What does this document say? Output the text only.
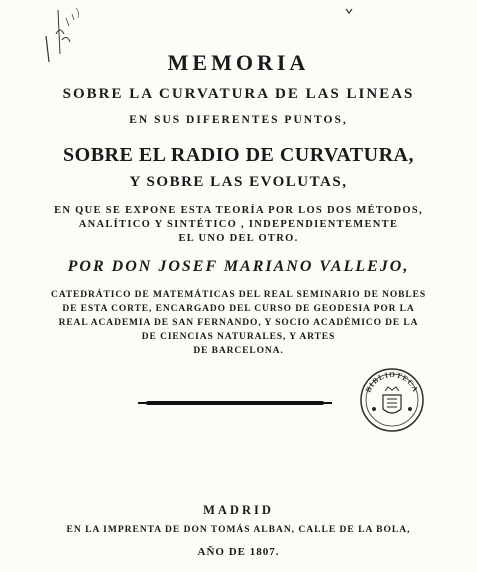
MEMORIA
SOBRE LA CURVATURA DE LAS LINEAS
EN SUS DIFERENTES PUNTOS,
SOBRE EL RADIO DE CURVATURA,
Y SOBRE LAS EVOLUTAS,
EN QUE SE EXPONE ESTA TEORÍA POR LOS DOS MÉTODOS,
ANALÍTICO Y SINTÉTICO , INDEPENDIENTEMENTE
EL UNO DEL OTRO.
POR DON JOSEF MARIANO VALLEJO,
CATEDRÁTICO DE MATEMÁTICAS DEL REAL SEMINARIO DE NOBLES
DE ESTA CORTE, ENCARGADO DEL CURSO DE GEODESIA POR LA
REAL ACADEMIA DE SAN FERNANDO, Y SOCIO ACADÉMICO DE LA
DE CIENCIAS NATURALES, Y ARTES
DE BARCELONA.
BIBLIOTECA
MADRID
EN LA IMPRENTA DE DON TOMÁS ALBAN, CALLE DE LA BOLA,
AÑO DE 1807.
